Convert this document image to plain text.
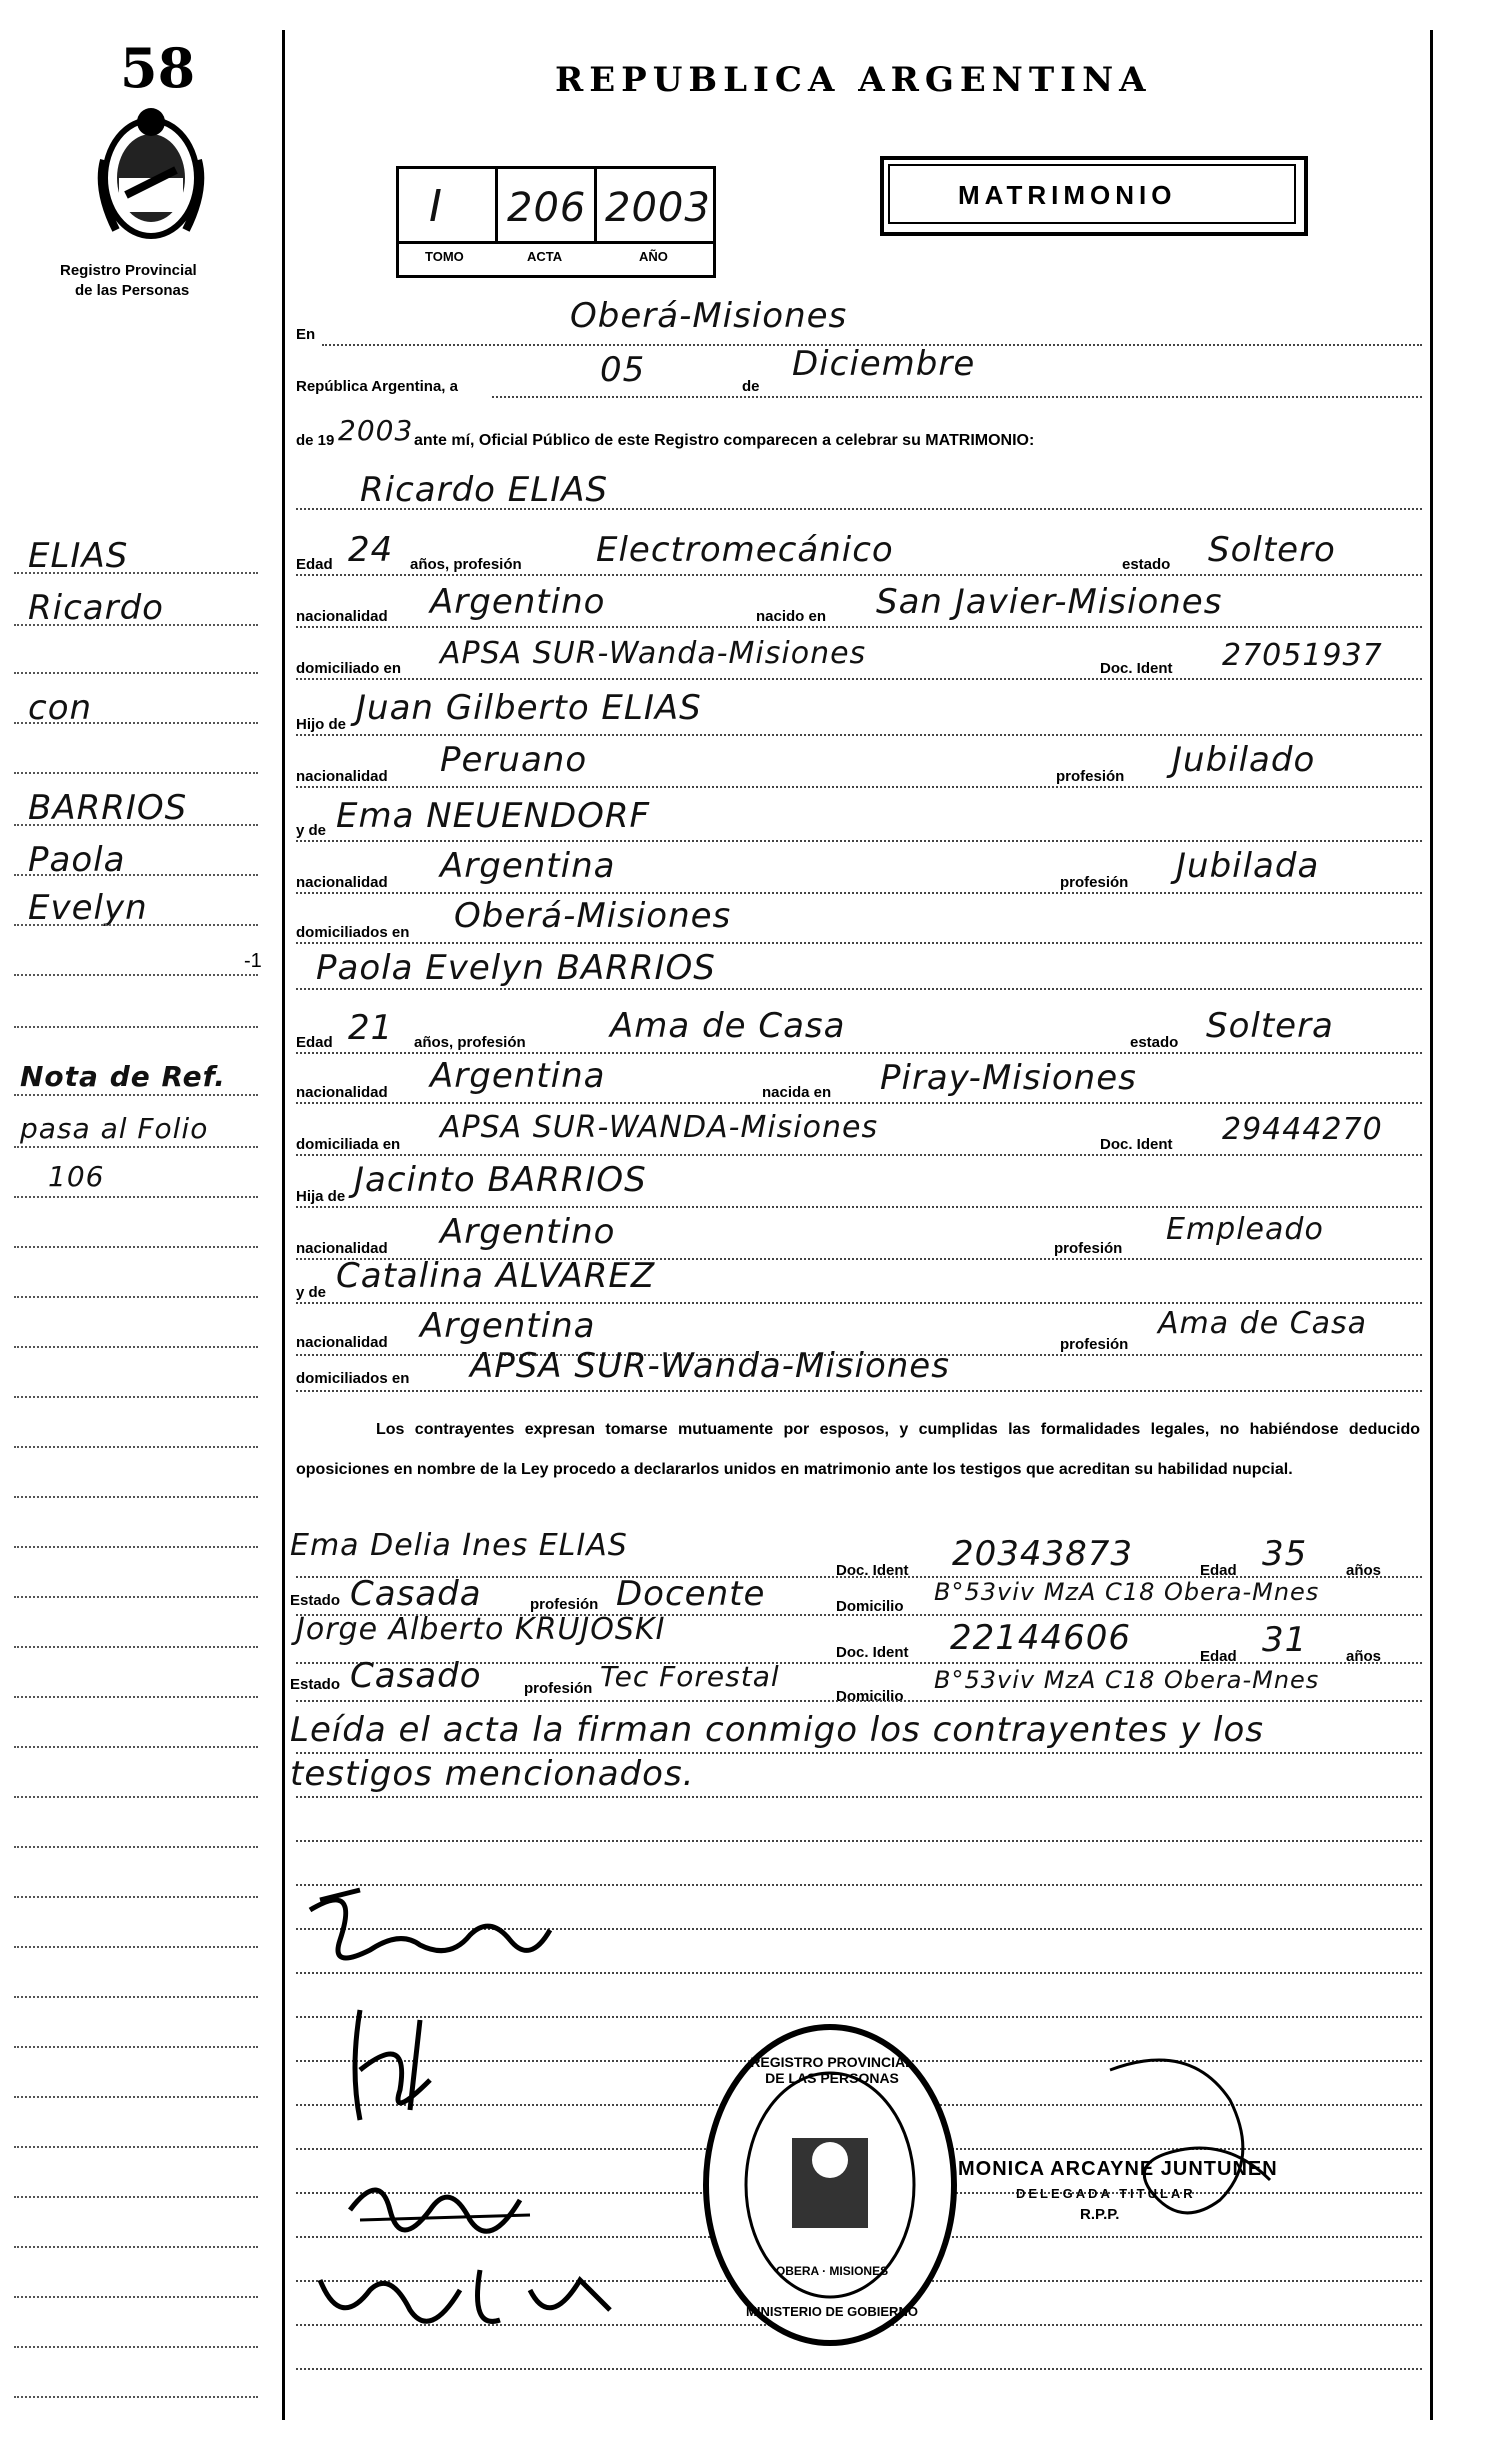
58
Registro Provincial
de las Personas
REPUBLICA ARGENTINA
I 206 2003
TOMO	ACTA	AÑO
MATRIMONIO
En	Oberá-Misiones
República Argentina, a	05	de
Diciembre
de 19 2003 ante mí, Oficial Público de este Registro comparecen a celebrar su MATRIMONIO:
Ricardo ELIAS
Edad 24 años, profesión Electromecánico	estado Soltero
nacionalidad Argentino	nacido en San Javier-Misiones
domiciliado en APSA SUR-Wanda-Misiones	Doc. Ident 27051937
Hijo de Juan Gilberto ELIAS
nacionalidad Peruano	profesión Jubilado
y de Ema NEUENDORF
nacionalidad Argentina	profesión Jubilada
domiciliados en Oberá-Misiones
Paola Evelyn BARRIOS
Edad 21 años, profesión Ama de Casa	estado Soltera
nacionalidad Argentina	nacida en Piray-Misiones
domiciliada en APSA SUR-WANDA-Misiones	Doc. Ident 29444270
Hija de Jacinto BARRIOS
nacionalidad Argentino	profesión
Empleado
y de Catalina ALVAREZ
nacionalidad Argentina	profesión
Ama de Casa
domiciliados en APSA SUR-Wanda-Misiones
Los contrayentes expresan tomarse mutuamente por esposos, y cumplidas las formalidades legales, no habiéndose deducido oposiciones en nombre de la Ley procedo a declararlos unidos en matrimonio ante los testigos que acreditan su habilidad nupcial.
Ema Delia Ines ELIAS
Doc. Ident 20343873	Edad 35	años
Estado Casada	profesión Docente	Domicilio
B°53viv MzA C18 Obera-Mnes
Jorge Alberto KRUJOSKI
Doc. Ident 22144606	Edad 31	años
Estado Casado	profesión Tec Forestal
Domicilio
B°53viv MzA C18 Obera-Mnes
Leída el acta la firman conmigo los contrayentes y los testigos mencionados.
REGISTRO PROVINCIAL DE LAS PERSONAS
OBERA · MISIONES
MINISTERIO DE GOBIERNO
MONICA ARCAYNE JUNTUNEN
DELEGADA TITULAR
R.P.P.
ELIAS
Ricardo
con
BARRIOS
Paola
Evelyn
-1
Nota de Ref.
pasa al Folio
106
